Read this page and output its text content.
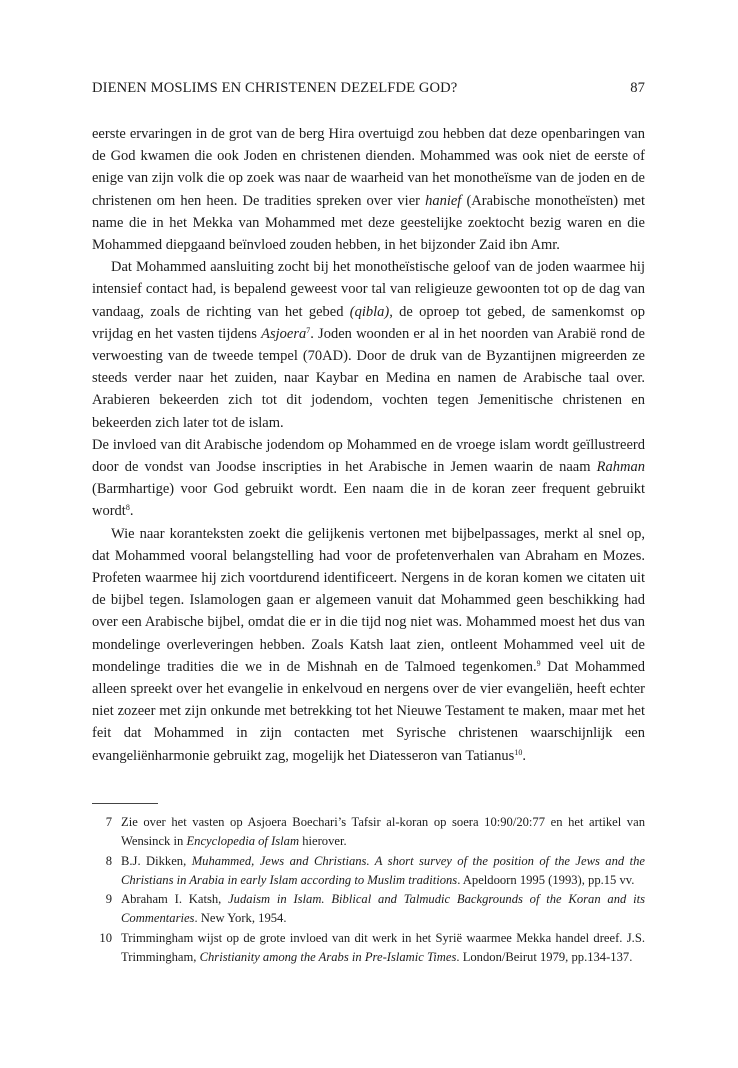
DIENEN MOSLIMS EN CHRISTENEN DEZELFDE GOD?	87

eerste ervaringen in de grot van de berg Hira overtuigd zou hebben dat deze openbaringen van de God kwamen die ook Joden en christenen dienden. Mohammed was ook niet de eerste of enige van zijn volk die op zoek was naar de waarheid van het monotheïsme van de joden en de christenen om hen heen. De tradities spreken over vier hanief (Arabische monotheïsten) met name die in het Mekka van Mohammed met deze geestelijke zoektocht bezig waren en die Mohammed diepgaand beïnvloed zouden hebben, in het bijzonder Zaid ibn Amr.

Dat Mohammed aansluiting zocht bij het monotheïstische geloof van de joden waarmee hij intensief contact had, is bepalend geweest voor tal van religieuze gewoonten tot op de dag van vandaag, zoals de richting van het gebed (qibla), de oproep tot gebed, de samenkomst op vrijdag en het vasten tijdens Asjoera$^7$. Joden woonden er al in het noorden van Arabië rond de verwoesting van de tweede tempel (70AD). Door de druk van de Byzantijnen migreerden ze steeds verder naar het zuiden, naar Kaybar en Medina en namen de Arabische taal over. Arabieren bekeerden zich tot dit jodendom, vochten tegen Jemenitische christenen en bekeerden zich later tot de islam.

De invloed van dit Arabische jodendom op Mohammed en de vroege islam wordt geïllustreerd door de vondst van Joodse inscripties in het Arabische in Jemen waarin de naam Rahman (Barmhartige) voor God gebruikt wordt. Een naam die in de koran zeer frequent gebruikt wordt$^8$.

Wie naar koranteksten zoekt die gelijkenis vertonen met bijbelpassages, merkt al snel op, dat Mohammed vooral belangstelling had voor de profetenverhalen van Abraham en Mozes. Profeten waarmee hij zich voortdurend identificeert. Nergens in de koran komen we citaten uit de bijbel tegen. Islamologen gaan er algemeen vanuit dat Mohammed geen beschikking had over een Arabische bijbel, omdat die er in die tijd nog niet was. Mohammed moest het dus van mondelinge overleveringen hebben. Zoals Katsh laat zien, ontleent Mohammed veel uit de mondelinge tradities die we in de Mishnah en de Talmoed tegenkomen.$^9$ Dat Mohammed alleen spreekt over het evangelie in enkelvoud en nergens over de vier evangeliën, heeft echter niet zozeer met zijn onkunde met betrekking tot het Nieuwe Testament te maken, maar met het feit dat Mohammed in zijn contacten met Syrische christenen waarschijnlijk een evangeliënharmonie gebruikt zag, mogelijk het Diatesseron van Tatianus$^{10}$.

7 Zie over het vasten op Asjoera Boechari’s Tafsir al-koran op soera 10:90/20:77 en het artikel van Wensinck in Encyclopedia of Islam hierover.
8 B.J. Dikken, Muhammed, Jews and Christians. A short survey of the position of the Jews and the Christians in Arabia in early Islam according to Muslim traditions. Apeldoorn 1995 (1993), pp.15 vv.
9 Abraham I. Katsh, Judaism in Islam. Biblical and Talmudic Backgrounds of the Koran and its Commentaries. New York, 1954.
10 Trimmingham wijst op de grote invloed van dit werk in het Syrië waarmee Mekka handel dreef. J.S. Trimmingham, Christianity among the Arabs in Pre-Islamic Times. London/Beirut 1979, pp.134-137.
